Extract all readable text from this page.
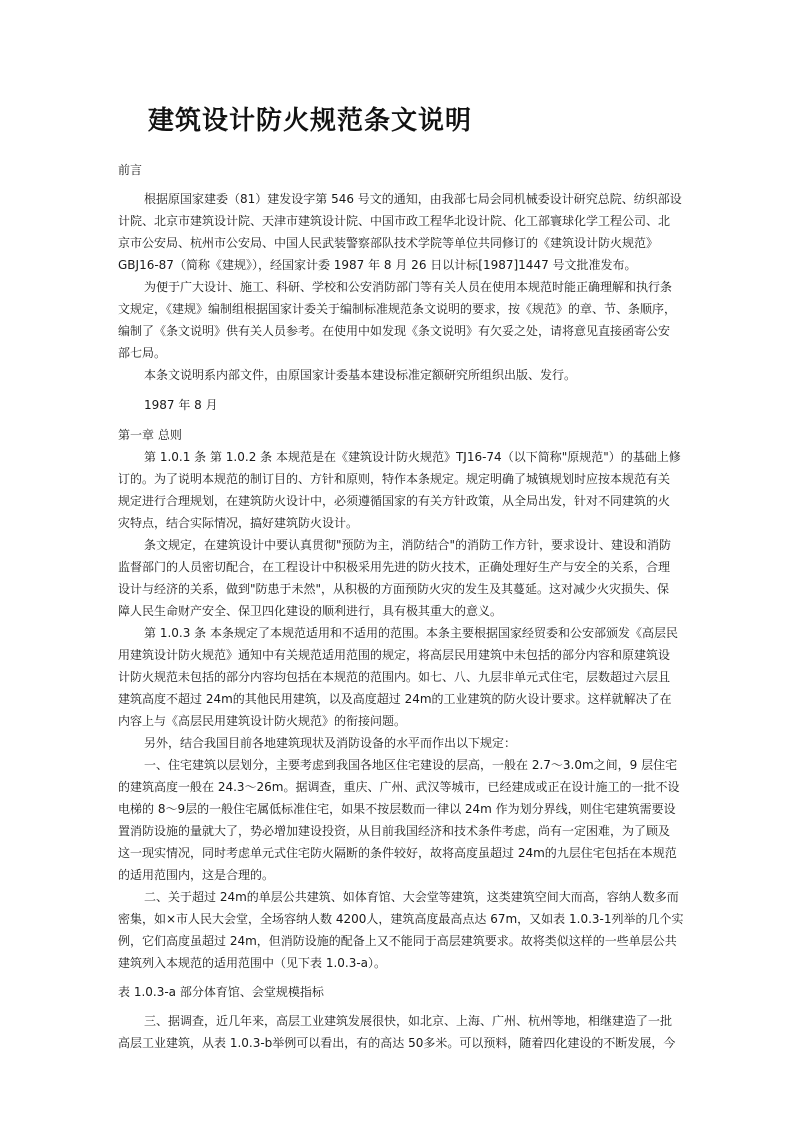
建筑设计防火规范条文说明
前言
根据原国家建委（81）建发设字第 546 号文的通知，由我部七局会同机械委设计研究总院、纺织部设
计院、北京市建筑设计院、天津市建筑设计院、中国市政工程华北设计院、化工部寰球化学工程公司、北
京市公安局、杭州市公安局、中国人民武装警察部队技术学院等单位共同修订的《建筑设计防火规范》
GBJ16-87（简称《建规》），经国家计委 1987 年 8 月 26 日以计标[1987]1447 号文批准发布。
为便于广大设计、施工、科研、学校和公安消防部门等有关人员在使用本规范时能正确理解和执行条
文规定，《建规》编制组根据国家计委关于编制标准规范条文说明的要求，按《规范》的章、节、条顺序，
编制了《条文说明》供有关人员参考。在使用中如发现《条文说明》有欠妥之处，请将意见直接函寄公安
部七局。
本条文说明系内部文件，由原国家计委基本建设标准定额研究所组织出版、发行。
1987 年 8 月
第一章 总则
第 1.0.1 条 第 1.0.2 条 本规范是在《建筑设计防火规范》TJ16-74（以下简称"原规范"）的基础上修
订的。为了说明本规范的制订目的、方针和原则，特作本条规定。规定明确了城镇规划时应按本规范有关
规定进行合理规划，在建筑防火设计中，必须遵循国家的有关方针政策，从全局出发，针对不同建筑的火
灾特点，结合实际情况，搞好建筑防火设计。
条文规定，在建筑设计中要认真贯彻"预防为主，消防结合"的消防工作方针，要求设计、建设和消防
监督部门的人员密切配合，在工程设计中积极采用先进的防火技术，正确处理好生产与安全的关系，合理
设计与经济的关系，做到"防患于未然"，从积极的方面预防火灾的发生及其蔓延。这对减少火灾损失、保
障人民生命财产安全、保卫四化建设的顺利进行，具有极其重大的意义。
第 1.0.3 条 本条规定了本规范适用和不适用的范围。本条主要根据国家经贸委和公安部颁发《高层民
用建筑设计防火规范》通知中有关规范适用范围的规定，将高层民用建筑中未包括的部分内容和原建筑设
计防火规范未包括的部分内容均包括在本规范的范围内。如七、八、九层非单元式住宅，层数超过六层且
建筑高度不超过 24m的其他民用建筑，以及高度超过 24m的工业建筑的防火设计要求。这样就解决了在
内容上与《高层民用建筑设计防火规范》的衔接问题。
另外，结合我国目前各地建筑现状及消防设备的水平而作出以下规定：
一、住宅建筑以层划分，主要考虑到我国各地区住宅建设的层高，一般在 2.7～3.0m之间，9 层住宅
的建筑高度一般在 24.3～26m。据调查，重庆、广州、武汉等城市，已经建成或正在设计施工的一批不设
电梯的 8～9层的一般住宅属低标准住宅，如果不按层数而一律以 24m 作为划分界线，则住宅建筑需要设
置消防设施的量就大了，势必增加建设投资，从目前我国经济和技术条件考虑，尚有一定困难，为了顾及
这一现实情况，同时考虑单元式住宅防火隔断的条件较好，故将高度虽超过 24m的九层住宅包括在本规范
的适用范围内，这是合理的。
二、关于超过 24m的单层公共建筑、如体育馆、大会堂等建筑，这类建筑空间大而高，容纳人数多而
密集，如×市人民大会堂，全场容纳人数 4200人，建筑高度最高点达 67m，又如表 1.0.3-1列举的几个实
例，它们高度虽超过 24m，但消防设施的配备上又不能同于高层建筑要求。故将类似这样的一些单层公共
建筑列入本规范的适用范围中（见下表 1.0.3-a）。
表 1.0.3-a 部分体育馆、会堂规模指标
三、据调查，近几年来，高层工业建筑发展很快，如北京、上海、广州、杭州等地，相继建造了一批
高层工业建筑，从表 1.0.3-b举例可以看出，有的高达 50多米。可以预料，随着四化建设的不断发展，今
